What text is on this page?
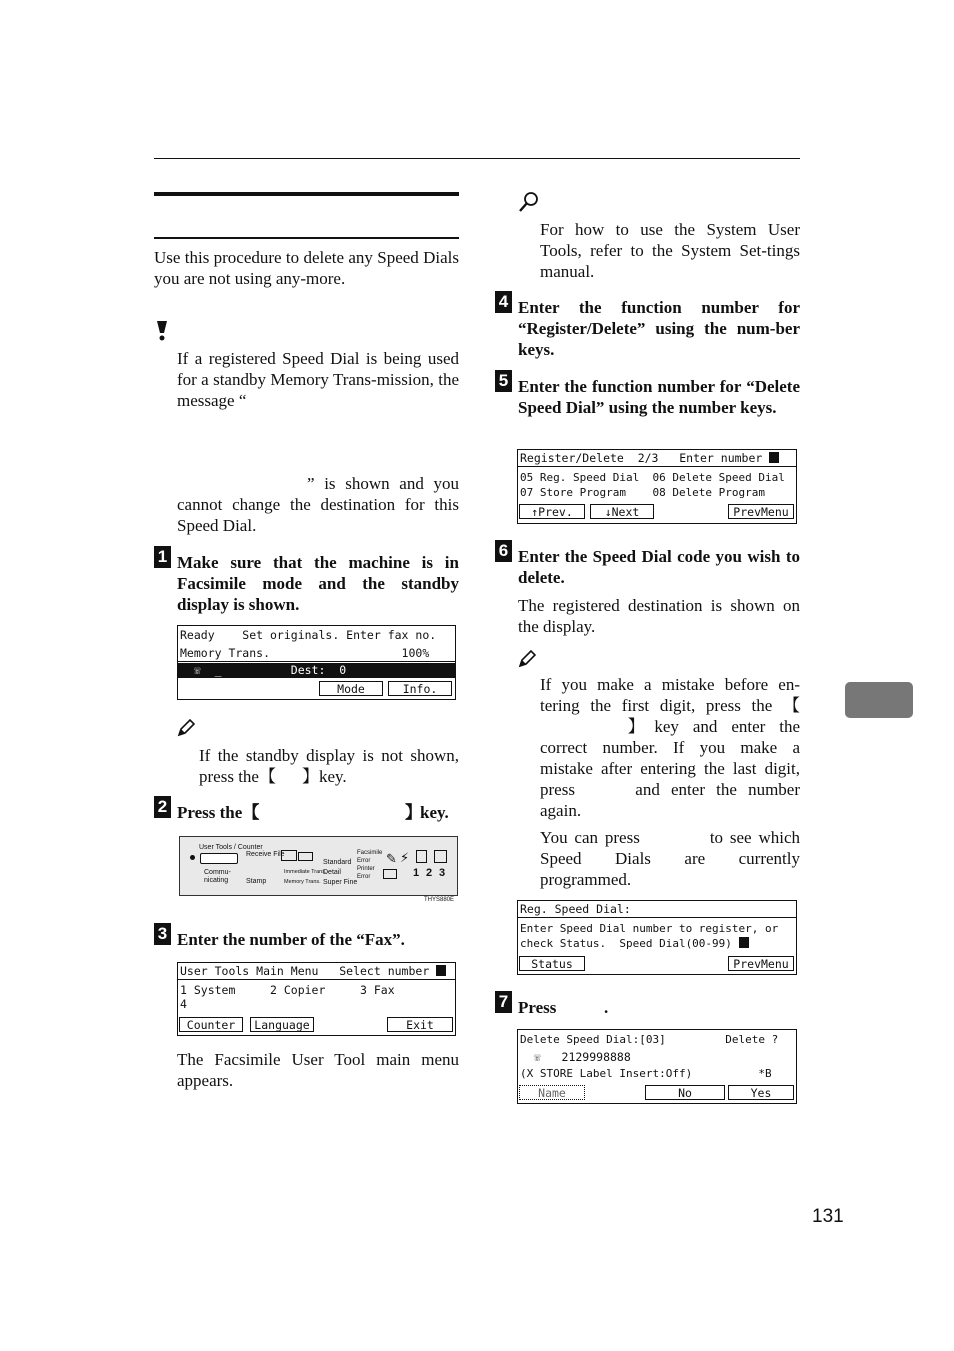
Use this procedure to delete any Speed Dials you are not using any-more.
If a registered Speed Dial is being used for a standby Memory Trans-mission, the message “
” is shown and you cannot change the destination for this Speed Dial.
1 Make sure that the machine is in Facsimile mode and the standby display is shown.
Ready    Set originals. Enter fax no.
Memory Trans.                   100%
☏  _          Dest:  0
Mode	Info.
If the standby display is not shown, press the【 】key.
2 Press the【	】
key.
User Tools / Counter
Receive File
Commu-
nicating	Stamp
Immediate Trans.
Memory Trans.
Standard
Detail
Super Fine
Facsimile
Error
Printer
Error
✎ ⚡
1 2 3
THYS880E
3 Enter the number of the “Fax”.
User Tools Main Menu   Select number
1 System     2 Copier     3 Fax
4
Counter	Language	Exit
The Facsimile User Tool main menu appears.
For how to use the System User Tools, refer to the System Set-tings manual.
4 Enter the function number for “Register/Delete” using the num-ber keys.
5 Enter the function number for “Delete Speed Dial” using the number keys.
Register/Delete  2/3   Enter number
05 Reg. Speed Dial  06 Delete Speed Dial
07 Store Program    08 Delete Program
↑Prev.	↓Next	PrevMenu
6 Enter the Speed Dial code you wish to delete.
The registered destination is shown on the display.
If you make a mistake before en-tering the first digit, press the 【】key and enter the correct number. If you make a mistake after entering the last digit, press	and enter the number again.
You can press	to see which Speed Dials are currently programmed.
Reg. Speed Dial:
Enter Speed Dial number to register, or
check Status.  Speed Dial(00-99)
Status	PrevMenu
7 Press	.
Delete Speed Dial:[03]         Delete ?
☏   2129998888
(X STORE Label Insert:Off)          *B
Name	No	Yes
131
